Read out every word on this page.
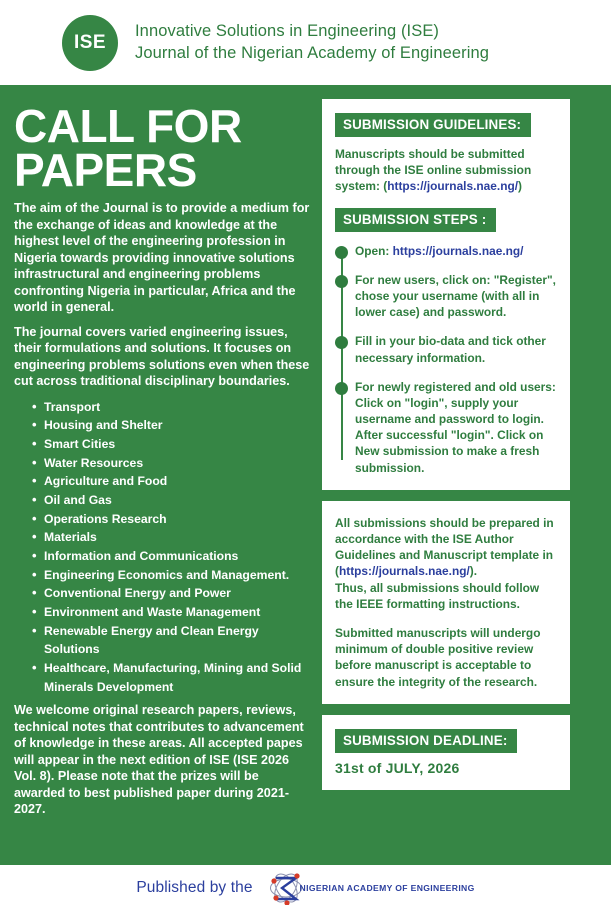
ISE
Innovative Solutions in Engineering (ISE)
Journal of the Nigerian Academy of Engineering
CALL FOR PAPERS
The aim of the Journal is to provide a medium for the exchange of ideas and knowledge at the highest level of the engineering profession in Nigeria towards providing innovative solutions infrastructural and engineering problems confronting Nigeria in particular, Africa and the world in general.
The journal covers varied engineering issues, their formulations and solutions. It focuses on engineering problems solutions even when these cut across traditional disciplinary boundaries.
• Transport
• Housing and Shelter
• Smart Cities
• Water Resources
• Agriculture and Food
• Oil and Gas
• Operations Research
• Materials
• Information and Communications
• Engineering Economics and Management.
• Conventional Energy and Power
• Environment and Waste Management
• Renewable Energy and Clean Energy Solutions
• Healthcare, Manufacturing, Mining and Solid Minerals Development
We welcome original research papers, reviews, technical notes that contributes to advancement of knowledge in these areas. All accepted papes will appear in the next edition of ISE (ISE 2026 Vol. 8). Please note that the prizes will be awarded to best published paper during 2021-2027.
SUBMISSION GUIDELINES:
Manuscripts should be submitted through the ISE online submission system: (https://journals.nae.ng/)
SUBMISSION STEPS :
Open: https://journals.nae.ng/
For new users, click on: "Register", chose your username (with all in lower case) and password.
Fill in your bio-data and tick other necessary information.
For newly registered and old users: Click on "login", supply your username and password to login. After successful "login". Click on New submission to make a fresh submission.
All submissions should be prepared in accordance with the ISE Author Guidelines and Manuscript template in (https://journals.nae.ng/).
Thus, all submissions should follow the IEEE formatting instructions.
Submitted manuscripts will undergo minimum of double positive review before manuscript is acceptable to ensure the integrity of the research.
SUBMISSION DEADLINE:
31st of JULY, 2026
Published by the	NIGERIAN ACADEMY OF ENGINEERING
